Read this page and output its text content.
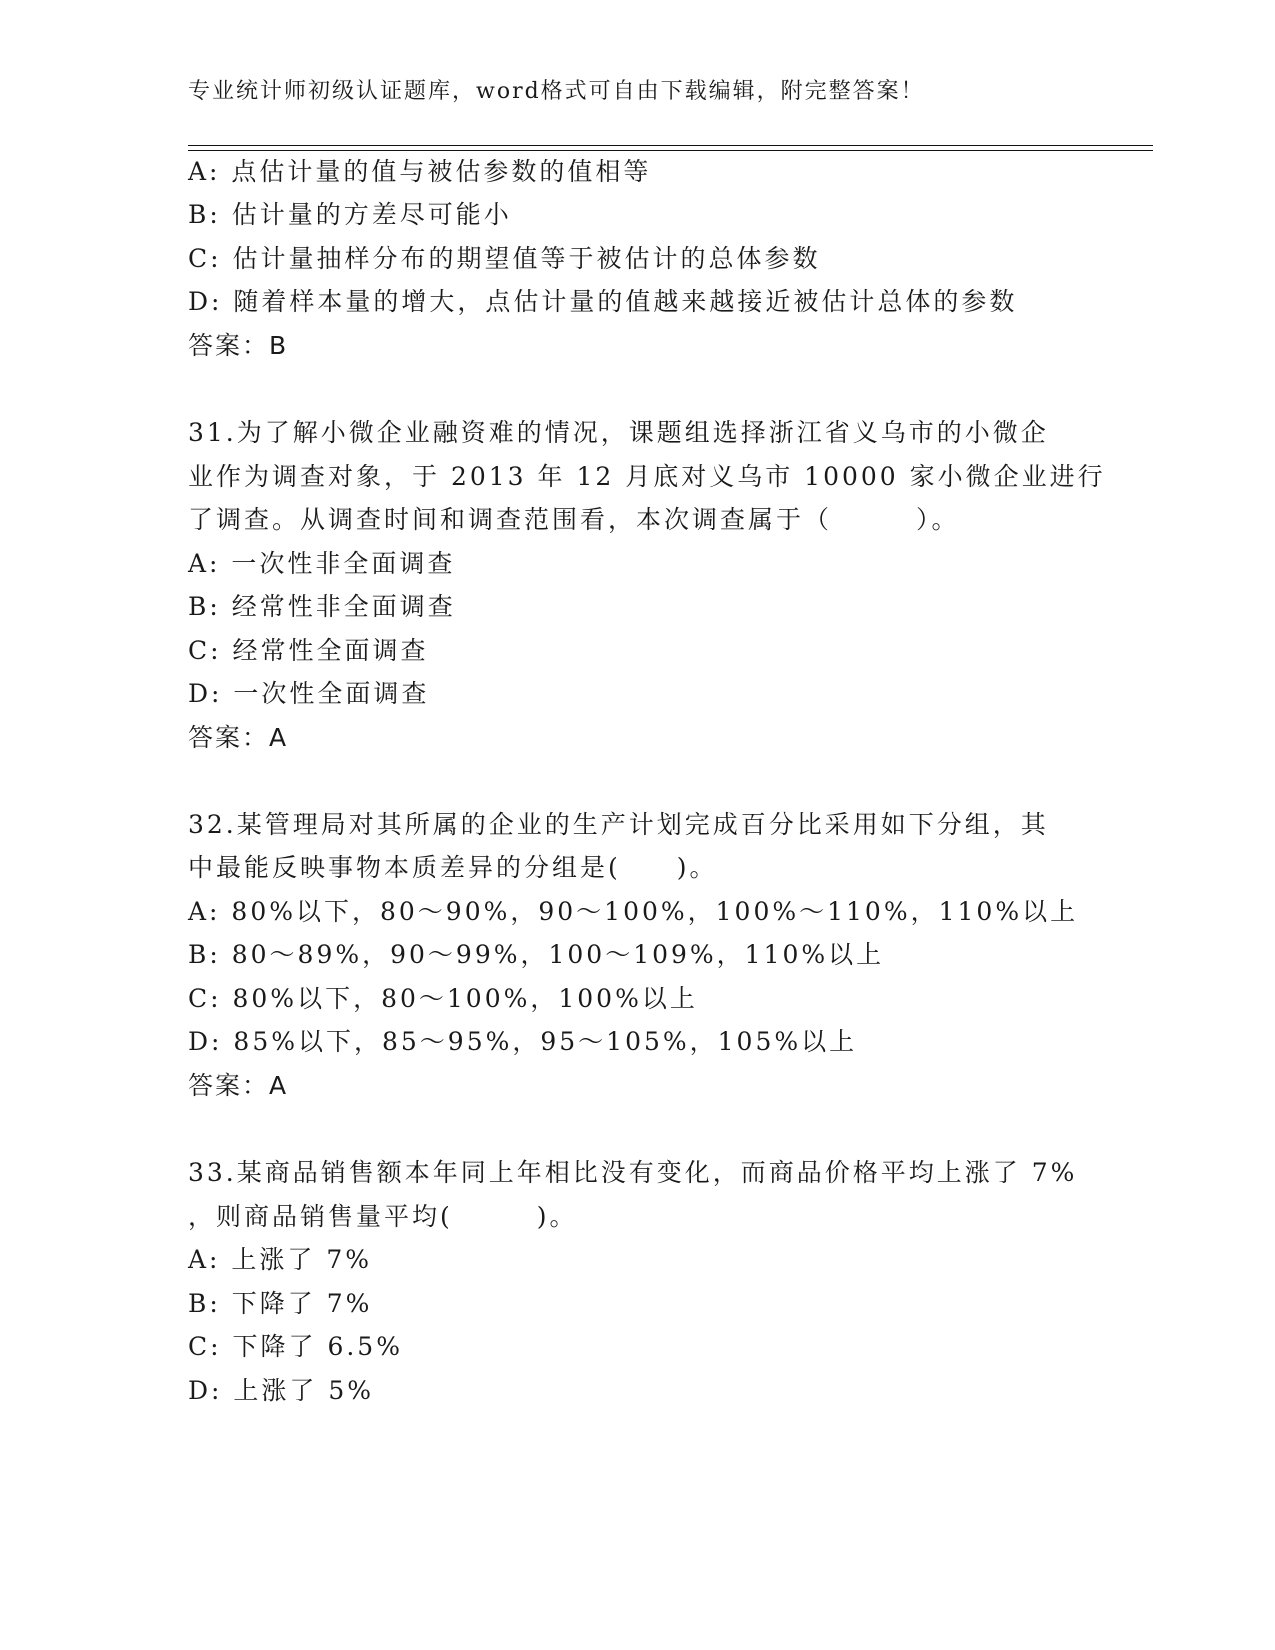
专业统计师初级认证题库，word格式可自由下载编辑，附完整答案！
A: 点估计量的值与被估参数的值相等
B: 估计量的方差尽可能小
C: 估计量抽样分布的期望值等于被估计的总体参数
D: 随着样本量的增大，点估计量的值越来越接近被估计总体的参数
答案：B
31.为了解小微企业融资难的情况，课题组选择浙江省义乌市的小微企
业作为调查对象，于 2013 年 12 月底对义乌市 10000 家小微企业进行
了调查。从调查时间和调查范围看，本次调查属于（　　　）。
A: 一次性非全面调查
B: 经常性非全面调查
C: 经常性全面调查
D: 一次性全面调查
答案：A
32.某管理局对其所属的企业的生产计划完成百分比采用如下分组，其
中最能反映事物本质差异的分组是(　　)。
A: 80%以下，80～90%，90～100%，100%～110%，110%以上
B: 80～89%，90～99%，100～109%，110%以上
C: 80%以下，80～100%，100%以上
D: 85%以下，85～95%，95～105%，105%以上
答案：A
33.某商品销售额本年同上年相比没有变化，而商品价格平均上涨了 7%
，则商品销售量平均(　　　)。
A: 上涨了 7%
B: 下降了 7%
C: 下降了 6.5%
D: 上涨了 5%
